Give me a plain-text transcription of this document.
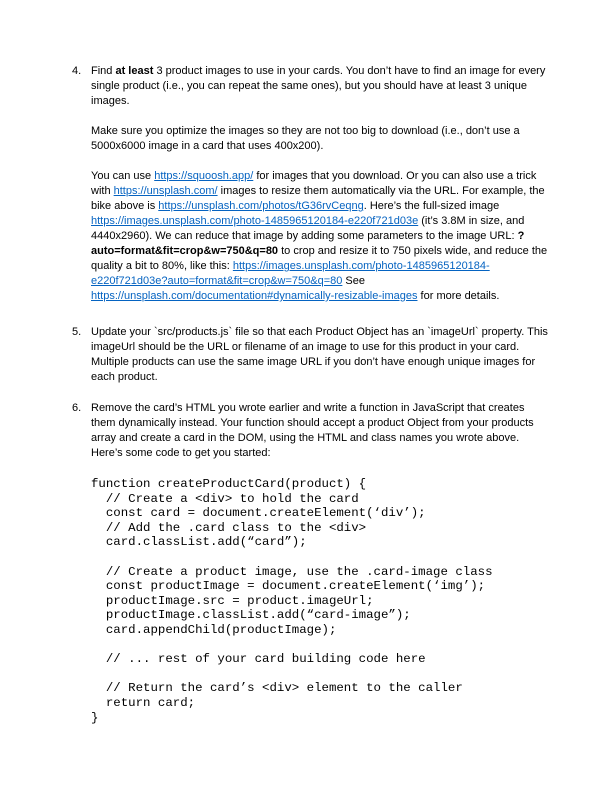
4. Find at least 3 product images to use in your cards. You don’t have to find an image for every single product (i.e., you can repeat the same ones), but you should have at least 3 unique images.

Make sure you optimize the images so they are not too big to download (i.e., don’t use a 5000x6000 image in a card that uses 400x200).

You can use https://squoosh.app/ for images that you download. Or you can also use a trick with https://unsplash.com/ images to resize them automatically via the URL. For example, the bike above is https://unsplash.com/photos/tG36rvCeqng. Here’s the full-sized image https://images.unsplash.com/photo-1485965120184-e220f721d03e (it’s 3.8M in size, and 4440x2960). We can reduce that image by adding some parameters to the image URL: ?auto=format&fit=crop&w=750&q=80 to crop and resize it to 750 pixels wide, and reduce the quality a bit to 80%, like this: https://images.unsplash.com/photo-1485965120184-e220f721d03e?auto=format&fit=crop&w=750&q=80 See https://unsplash.com/documentation#dynamically-resizable-images for more details.

5. Update your `src/products.js` file so that each Product Object has an `imageUrl` property. This imageUrl should be the URL or filename of an image to use for this product in your card. Multiple products can use the same image URL if you don’t have enough unique images for each product.

6. Remove the card’s HTML you wrote earlier and write a function in JavaScript that creates them dynamically instead. Your function should accept a product Object from your products array and create a card in the DOM, using the HTML and class names you wrote above. Here’s some code to get you started:

function createProductCard(product) {
// Create a <div> to hold the card
const card = document.createElement(‘div’);
// Add the .card class to the <div>
card.classList.add(“card”);
// Create a product image, use the .card-image class
const productImage = document.createElement(‘img’);
productImage.src = product.imageUrl;
productImage.classList.add(“card-image”);
card.appendChild(productImage);
// ... rest of your card building code here
// Return the card’s <div> element to the caller
return card;
}
